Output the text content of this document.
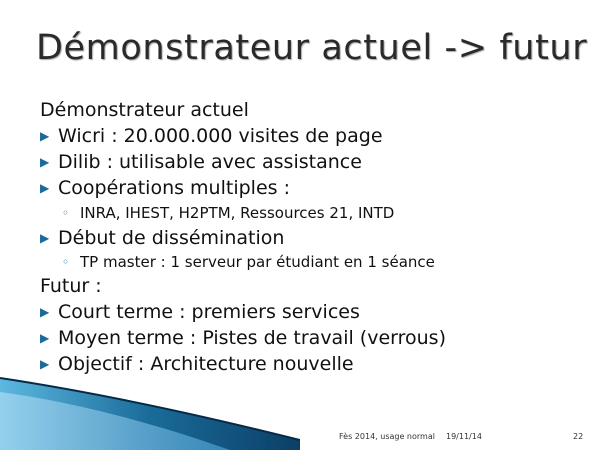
Démonstrateur actuel -> futur
Démonstrateur actuel
▶ Wicri : 20.000.000 visites de page
▶ Dilib : utilisable avec assistance
▶ Coopérations multiples :
◦ INRA, IHEST, H2PTM, Ressources 21, INTD
▶ Début de dissémination
◦ TP master : 1 serveur par étudiant en 1 séance
Futur :
▶ Court terme : premiers services
▶ Moyen terme : Pistes de travail (verrous)
▶ Objectif : Architecture nouvelle
Fès 2014, usage normal 19/11/14	22
